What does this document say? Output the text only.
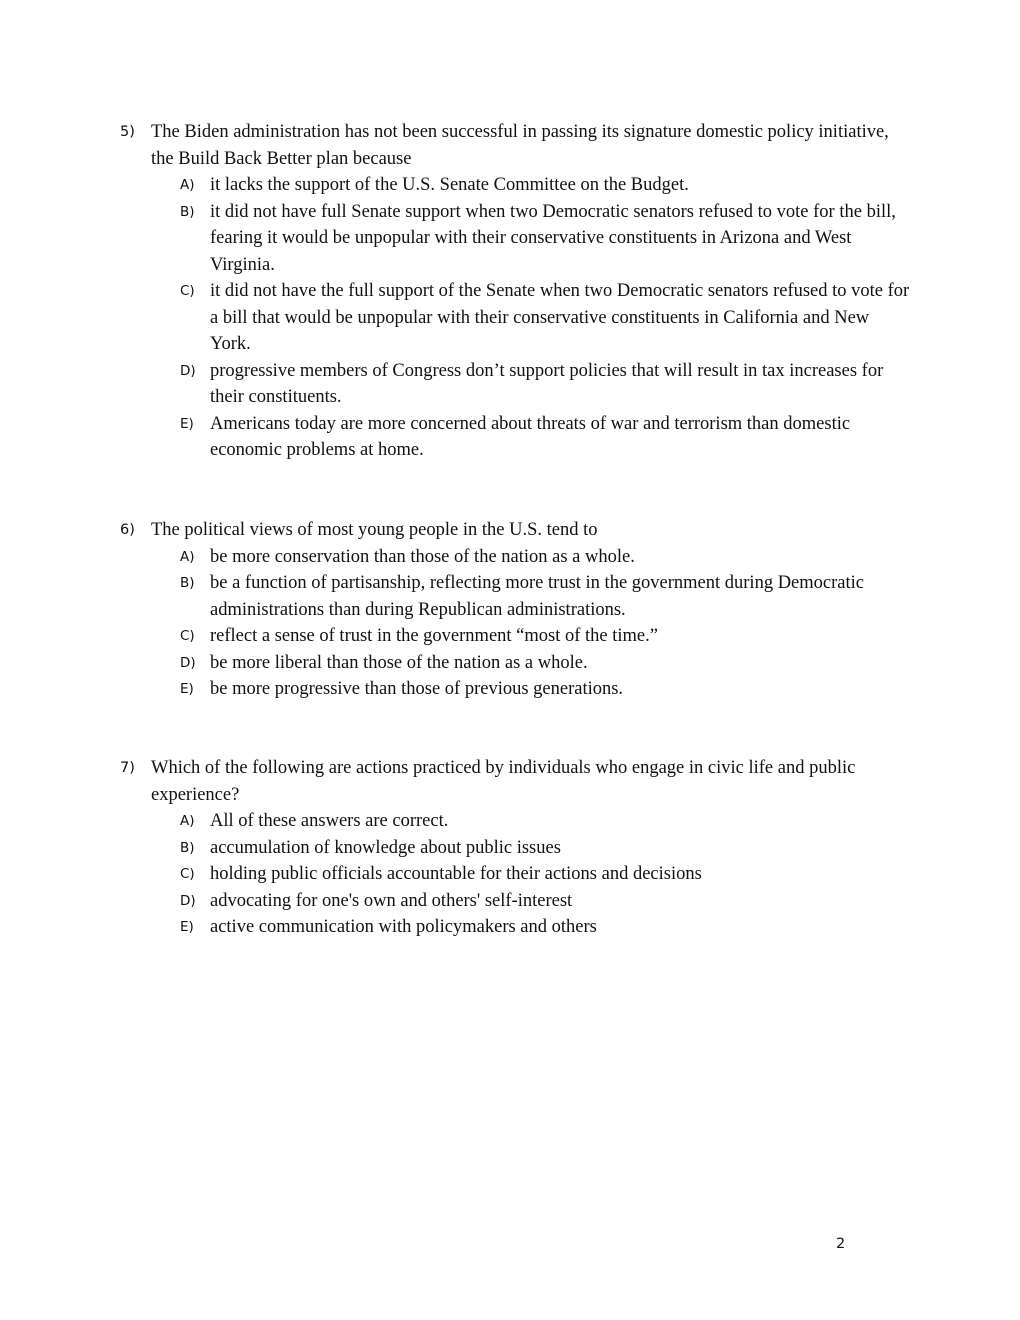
5) The Biden administration has not been successful in passing its signature domestic policy initiative, the Build Back Better plan because
A) it lacks the support of the U.S. Senate Committee on the Budget.
B) it did not have full Senate support when two Democratic senators refused to vote for the bill, fearing it would be unpopular with their conservative constituents in Arizona and West Virginia.
C) it did not have the full support of the Senate when two Democratic senators refused to vote for a bill that would be unpopular with their conservative constituents in California and New York.
D) progressive members of Congress don’t support policies that will result in tax increases for their constituents.
E) Americans today are more concerned about threats of war and terrorism than domestic economic problems at home.
6) The political views of most young people in the U.S. tend to
A) be more conservation than those of the nation as a whole.
B) be a function of partisanship, reflecting more trust in the government during Democratic administrations than during Republican administrations.
C) reflect a sense of trust in the government “most of the time.”
D) be more liberal than those of the nation as a whole.
E) be more progressive than those of previous generations.
7) Which of the following are actions practiced by individuals who engage in civic life and public experience?
A) All of these answers are correct.
B) accumulation of knowledge about public issues
C) holding public officials accountable for their actions and decisions
D) advocating for one's own and others' self-interest
E) active communication with policymakers and others
2
